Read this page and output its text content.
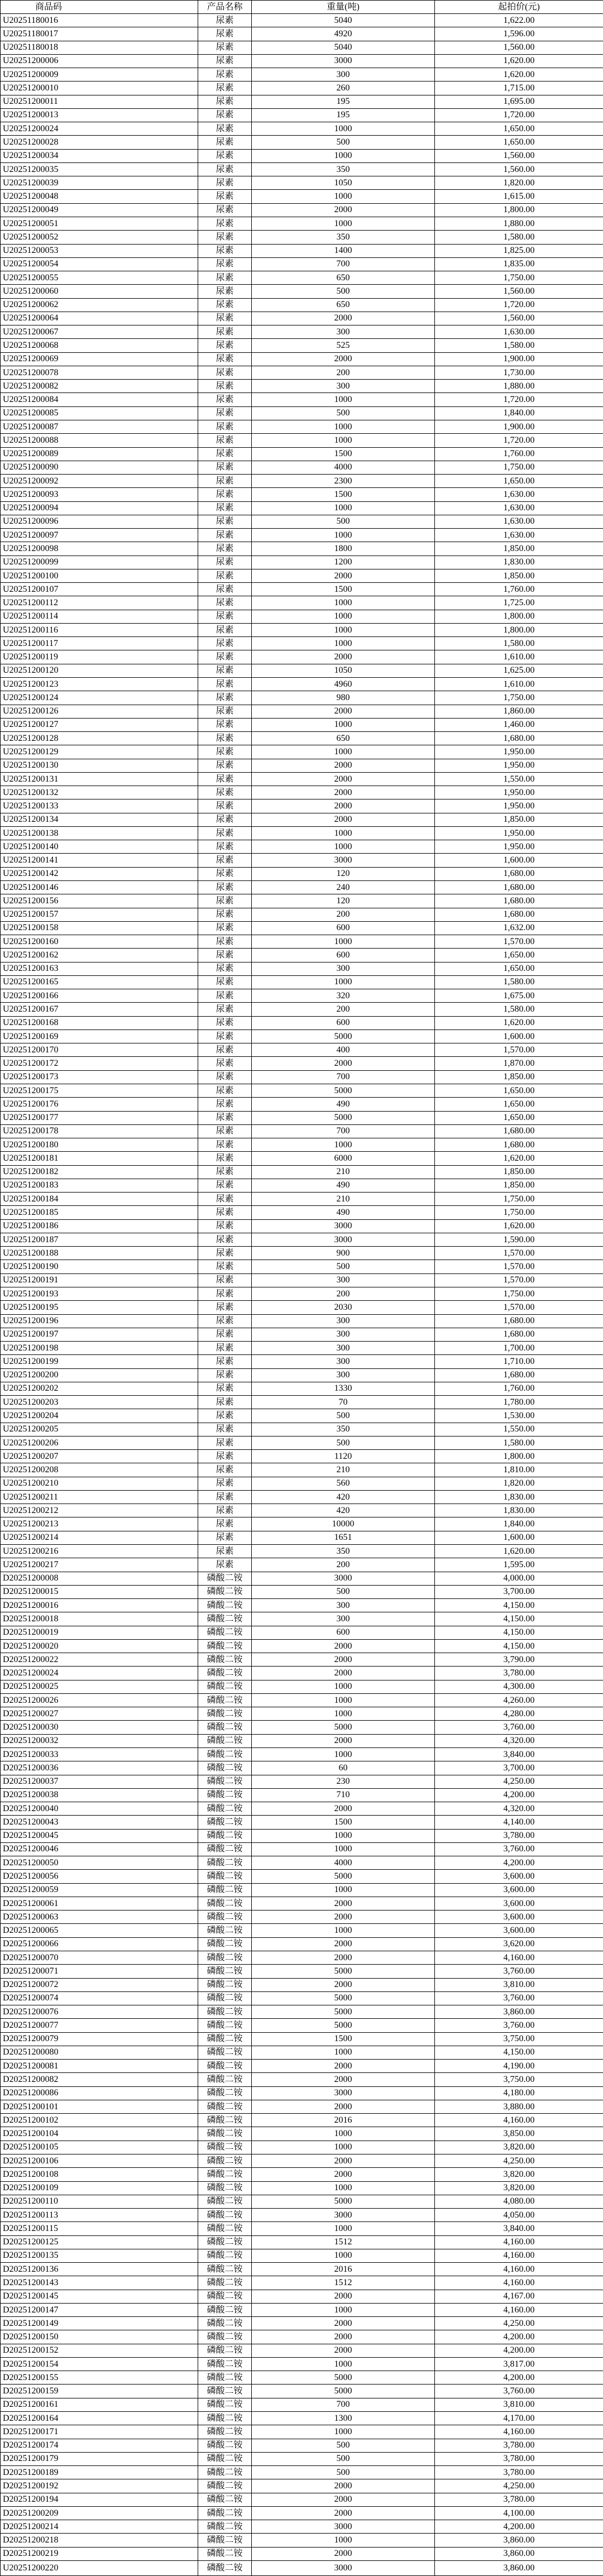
商品码	产品名称	重量(吨)	起拍价(元)
U20251180016	尿素	5040	1,622.00
U20251180017	尿素	4920	1,596.00
U20251180018	尿素	5040	1,560.00
U20251200006	尿素	3000	1,620.00
U20251200009	尿素	300	1,620.00
U20251200010	尿素	260	1,715.00
U20251200011	尿素	195	1,695.00
U20251200013	尿素	195	1,720.00
U20251200024	尿素	1000	1,650.00
U20251200028	尿素	500	1,650.00
U20251200034	尿素	1000	1,560.00
U20251200035	尿素	350	1,560.00
U20251200039	尿素	1050	1,820.00
U20251200048	尿素	1000	1,615.00
U20251200049	尿素	2000	1,800.00
U20251200051	尿素	1000	1,880.00
U20251200052	尿素	350	1,580.00
U20251200053	尿素	1400	1,825.00
U20251200054	尿素	700	1,835.00
U20251200055	尿素	650	1,750.00
U20251200060	尿素	500	1,560.00
U20251200062	尿素	650	1,720.00
U20251200064	尿素	2000	1,560.00
U20251200067	尿素	300	1,630.00
U20251200068	尿素	525	1,580.00
U20251200069	尿素	2000	1,900.00
U20251200078	尿素	200	1,730.00
U20251200082	尿素	300	1,880.00
U20251200084	尿素	1000	1,720.00
U20251200085	尿素	500	1,840.00
U20251200087	尿素	1000	1,900.00
U20251200088	尿素	1000	1,720.00
U20251200089	尿素	1500	1,760.00
U20251200090	尿素	4000	1,750.00
U20251200092	尿素	2300	1,650.00
U20251200093	尿素	1500	1,630.00
U20251200094	尿素	1000	1,630.00
U20251200096	尿素	500	1,630.00
U20251200097	尿素	1000	1,630.00
U20251200098	尿素	1800	1,850.00
U20251200099	尿素	1200	1,830.00
U20251200100	尿素	2000	1,850.00
U20251200107	尿素	1500	1,760.00
U20251200112	尿素	1000	1,725.00
U20251200114	尿素	1000	1,800.00
U20251200116	尿素	1000	1,800.00
U20251200117	尿素	1000	1,580.00
U20251200119	尿素	2000	1,610.00
U20251200120	尿素	1050	1,625.00
U20251200123	尿素	4960	1,610.00
U20251200124	尿素	980	1,750.00
U20251200126	尿素	2000	1,860.00
U20251200127	尿素	1000	1,460.00
U20251200128	尿素	650	1,680.00
U20251200129	尿素	1000	1,950.00
U20251200130	尿素	2000	1,950.00
U20251200131	尿素	2000	1,550.00
U20251200132	尿素	2000	1,950.00
U20251200133	尿素	2000	1,950.00
U20251200134	尿素	2000	1,850.00
U20251200138	尿素	1000	1,950.00
U20251200140	尿素	1000	1,950.00
U20251200141	尿素	3000	1,600.00
U20251200142	尿素	120	1,680.00
U20251200146	尿素	240	1,680.00
U20251200156	尿素	120	1,680.00
U20251200157	尿素	200	1,680.00
U20251200158	尿素	600	1,632.00
U20251200160	尿素	1000	1,570.00
U20251200162	尿素	600	1,650.00
U20251200163	尿素	300	1,650.00
U20251200165	尿素	1000	1,580.00
U20251200166	尿素	320	1,675.00
U20251200167	尿素	200	1,580.00
U20251200168	尿素	600	1,620.00
U20251200169	尿素	5000	1,600.00
U20251200170	尿素	400	1,570.00
U20251200172	尿素	2000	1,870.00
U20251200173	尿素	700	1,850.00
U20251200175	尿素	5000	1,650.00
U20251200176	尿素	490	1,650.00
U20251200177	尿素	5000	1,650.00
U20251200178	尿素	700	1,680.00
U20251200180	尿素	1000	1,680.00
U20251200181	尿素	6000	1,620.00
U20251200182	尿素	210	1,850.00
U20251200183	尿素	490	1,850.00
U20251200184	尿素	210	1,750.00
U20251200185	尿素	490	1,750.00
U20251200186	尿素	3000	1,620.00
U20251200187	尿素	3000	1,590.00
U20251200188	尿素	900	1,570.00
U20251200190	尿素	500	1,570.00
U20251200191	尿素	300	1,570.00
U20251200193	尿素	200	1,750.00
U20251200195	尿素	2030	1,570.00
U20251200196	尿素	300	1,680.00
U20251200197	尿素	300	1,680.00
U20251200198	尿素	300	1,700.00
U20251200199	尿素	300	1,710.00
U20251200200	尿素	300	1,680.00
U20251200202	尿素	1330	1,760.00
U20251200203	尿素	70	1,780.00
U20251200204	尿素	500	1,530.00
U20251200205	尿素	350	1,550.00
U20251200206	尿素	500	1,580.00
U20251200207	尿素	1120	1,800.00
U20251200208	尿素	210	1,810.00
U20251200210	尿素	560	1,820.00
U20251200211	尿素	420	1,830.00
U20251200212	尿素	420	1,830.00
U20251200213	尿素	10000	1,840.00
U20251200214	尿素	1651	1,600.00
U20251200216	尿素	350	1,620.00
U20251200217	尿素	200	1,595.00
D20251200008	磷酸二铵	3000	4,000.00
D20251200015	磷酸二铵	500	3,700.00
D20251200016	磷酸二铵	300	4,150.00
D20251200018	磷酸二铵	300	4,150.00
D20251200019	磷酸二铵	600	4,150.00
D20251200020	磷酸二铵	2000	4,150.00
D20251200022	磷酸二铵	2000	3,790.00
D20251200024	磷酸二铵	2000	3,780.00
D20251200025	磷酸二铵	1000	4,300.00
D20251200026	磷酸二铵	1000	4,260.00
D20251200027	磷酸二铵	1000	4,280.00
D20251200030	磷酸二铵	5000	3,760.00
D20251200032	磷酸二铵	2000	4,320.00
D20251200033	磷酸二铵	1000	3,840.00
D20251200036	磷酸二铵	60	3,700.00
D20251200037	磷酸二铵	230	4,250.00
D20251200038	磷酸二铵	710	4,200.00
D20251200040	磷酸二铵	2000	4,320.00
D20251200043	磷酸二铵	1500	4,140.00
D20251200045	磷酸二铵	1000	3,780.00
D20251200046	磷酸二铵	1000	3,760.00
D20251200050	磷酸二铵	4000	4,200.00
D20251200056	磷酸二铵	5000	3,600.00
D20251200059	磷酸二铵	1000	3,600.00
D20251200061	磷酸二铵	2000	3,600.00
D20251200063	磷酸二铵	2000	3,600.00
D20251200065	磷酸二铵	1000	3,600.00
D20251200066	磷酸二铵	2000	3,620.00
D20251200070	磷酸二铵	2000	4,160.00
D20251200071	磷酸二铵	5000	3,760.00
D20251200072	磷酸二铵	2000	3,810.00
D20251200074	磷酸二铵	5000	3,760.00
D20251200076	磷酸二铵	5000	3,860.00
D20251200077	磷酸二铵	5000	3,760.00
D20251200079	磷酸二铵	1500	3,750.00
D20251200080	磷酸二铵	1000	4,150.00
D20251200081	磷酸二铵	2000	4,190.00
D20251200082	磷酸二铵	2000	3,750.00
D20251200086	磷酸二铵	3000	4,180.00
D20251200101	磷酸二铵	2000	3,880.00
D20251200102	磷酸二铵	2016	4,160.00
D20251200104	磷酸二铵	1000	3,850.00
D20251200105	磷酸二铵	1000	3,820.00
D20251200106	磷酸二铵	2000	4,250.00
D20251200108	磷酸二铵	2000	3,820.00
D20251200109	磷酸二铵	1000	3,820.00
D20251200110	磷酸二铵	5000	4,080.00
D20251200113	磷酸二铵	3000	4,050.00
D20251200115	磷酸二铵	1000	3,840.00
D20251200125	磷酸二铵	1512	4,160.00
D20251200135	磷酸二铵	1000	4,160.00
D20251200136	磷酸二铵	2016	4,160.00
D20251200143	磷酸二铵	1512	4,160.00
D20251200145	磷酸二铵	2000	4,167.00
D20251200147	磷酸二铵	1000	4,160.00
D20251200149	磷酸二铵	2000	4,250.00
D20251200150	磷酸二铵	2000	4,200.00
D20251200152	磷酸二铵	2000	4,200.00
D20251200154	磷酸二铵	1000	3,817.00
D20251200155	磷酸二铵	5000	4,200.00
D20251200159	磷酸二铵	5000	3,760.00
D20251200161	磷酸二铵	700	3,810.00
D20251200164	磷酸二铵	1300	4,170.00
D20251200171	磷酸二铵	1000	4,160.00
D20251200174	磷酸二铵	500	3,780.00
D20251200179	磷酸二铵	500	3,780.00
D20251200189	磷酸二铵	500	3,780.00
D20251200192	磷酸二铵	2000	4,250.00
D20251200194	磷酸二铵	2000	3,780.00
D20251200209	磷酸二铵	2000	4,100.00
D20251200214	磷酸二铵	3000	4,200.00
D20251200218	磷酸二铵	1000	3,860.00
D20251200219	磷酸二铵	2000	3,860.00
U20251200220	磷酸二铵	3000	3,860.00
